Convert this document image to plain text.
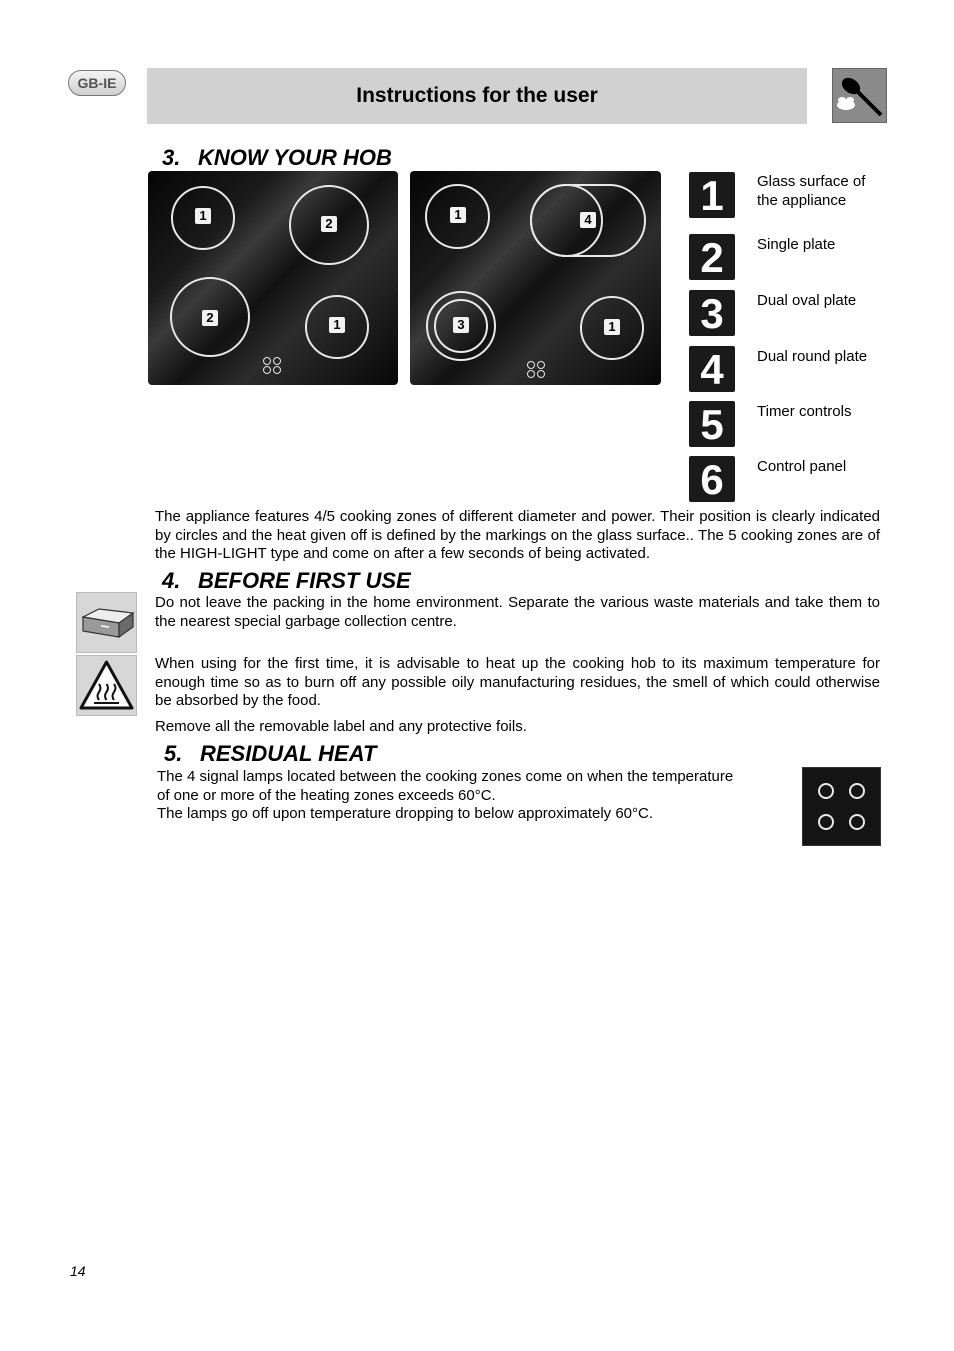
GB-IE
Instructions for the user
3. KNOW YOUR HOB
1
2
2	1
1	4
3	1
1	Glass surface of the appliance
2	Single plate
3	Dual oval plate
4	Dual round plate
5	Timer controls
6	Control panel
The appliance features 4/5 cooking zones of different diameter and power. Their position is clearly indicated by circles and the heat given off is defined by the markings on the glass surface.. The 5 cooking zones are of the HIGH-LIGHT type and come on after a few seconds of being activated.
4. BEFORE FIRST USE
Do not leave the packing in the home environment. Separate the various waste materials and take them to the nearest special garbage collection centre.
When using for the first time, it is advisable to heat up the cooking hob to its maximum temperature for enough time so as to burn off any possible oily manufacturing residues, the smell of which could otherwise be absorbed by the food.
Remove all the removable label and any protective foils.
5. RESIDUAL HEAT
The 4 signal lamps located between the cooking zones come on when the temperature
of one or more of the heating zones exceeds 60°C.
The lamps go off upon temperature dropping to below approximately 60°C.
14
